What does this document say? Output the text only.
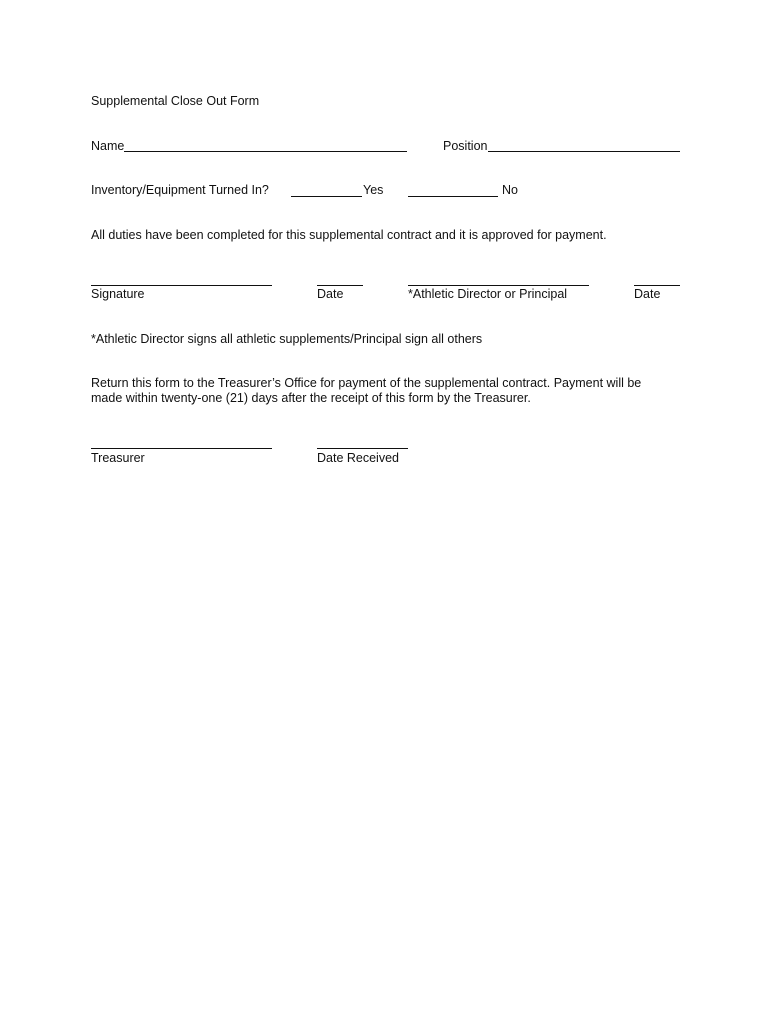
Supplemental Close Out Form
Name	Position
Inventory/Equipment Turned In?	Yes	No
All duties have been completed for this supplemental contract and it is approved for payment.
Signature	Date	*Athletic Director or Principal	Date
*Athletic Director signs all athletic supplements/Principal sign all others
Return this form to the Treasurer’s Office for payment of the supplemental contract. Payment will be
made within twenty-one (21) days after the receipt of this form by the Treasurer.
Treasurer	Date Received
